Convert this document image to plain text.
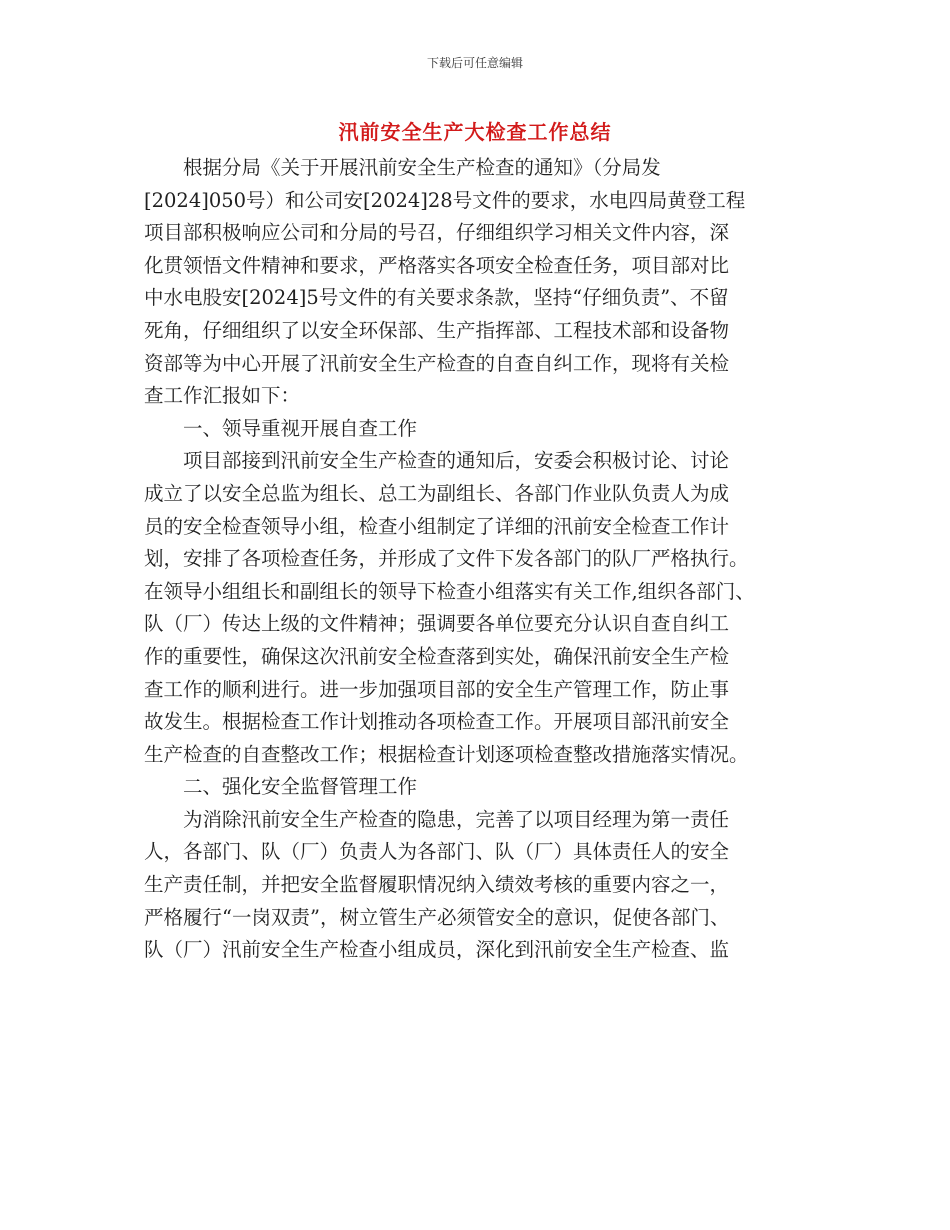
下载后可任意编辑
汛前安全生产大检查工作总结
　　根据分局《关于开展汛前安全生产检查的通知》（分局发
[2024]050号）和公司安[2024]28号文件的要求，水电四局黄登工程
项目部积极响应公司和分局的号召，仔细组织学习相关文件内容，深
化贯领悟文件精神和要求，严格落实各项安全检查任务，项目部对比
中水电股安[2024]5号文件的有关要求条款，坚持“仔细负责”、不留
死角，仔细组织了以安全环保部、生产指挥部、工程技术部和设备物
资部等为中心开展了汛前安全生产检查的自查自纠工作，现将有关检
查工作汇报如下：
　　一、领导重视开展自查工作
　　项目部接到汛前安全生产检查的通知后，安委会积极讨论、讨论
成立了以安全总监为组长、总工为副组长、各部门作业队负责人为成
员的安全检查领导小组，检查小组制定了详细的汛前安全检查工作计
划，安排了各项检查任务，并形成了文件下发各部门的队厂严格执行。
在领导小组组长和副组长的领导下检查小组落实有关工作,组织各部门、
队（厂）传达上级的文件精神；强调要各单位要充分认识自查自纠工
作的重要性，确保这次汛前安全检查落到实处，确保汛前安全生产检
查工作的顺利进行。进一步加强项目部的安全生产管理工作，防止事
故发生。根据检查工作计划推动各项检查工作。开展项目部汛前安全
生产检查的自查整改工作；根据检查计划逐项检查整改措施落实情况。
　　二、强化安全监督管理工作
　　为消除汛前安全生产检查的隐患，完善了以项目经理为第一责任
人，各部门、队（厂）负责人为各部门、队（厂）具体责任人的安全
生产责任制，并把安全监督履职情况纳入绩效考核的重要内容之一，
严格履行“一岗双责”，树立管生产必须管安全的意识，促使各部门、
队（厂）汛前安全生产检查小组成员，深化到汛前安全生产检查、监
